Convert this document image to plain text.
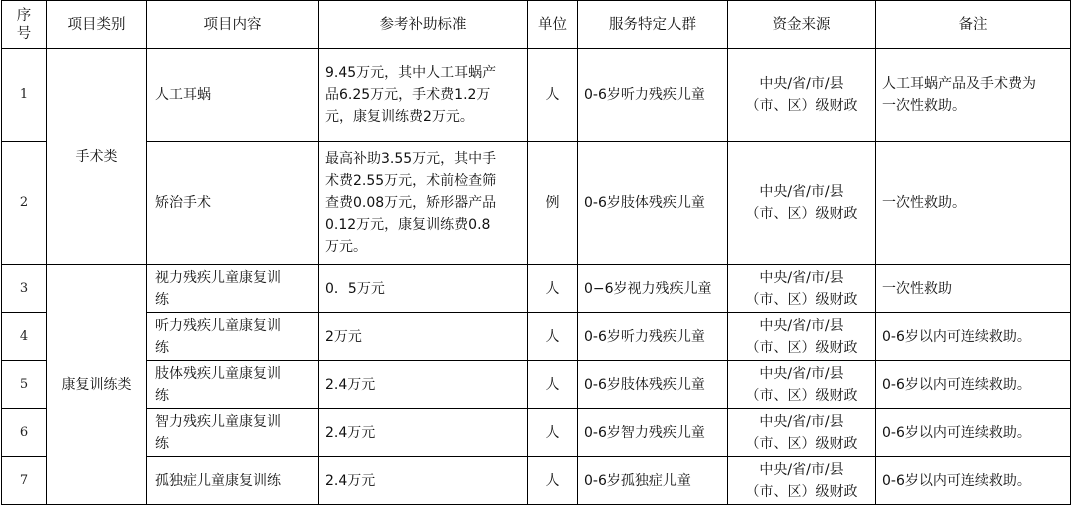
序
号	项目类别	项目内容	参考补助标准	单位	服务特定人群	资金来源	备注
1	手术类	人工耳蜗	9.45万元，其中人工耳蜗产
品6.25万元，手术费1.2万
元，康复训练费2万元。	人	0-6岁听力残疾儿童	中央/省/市/县
（市、区）级财政	人工耳蜗产品及手术费为
一次性救助。
2		矫治手术	最高补助3.55万元，其中手
术费2.55万元，术前检查筛
查费0.08万元，矫形器产品
0.12万元，康复训练费0.8
万元。	例	0-6岁肢体残疾儿童	中央/省/市/县
（市、区）级财政	一次性救助。
3	康复训练类	视力残疾儿童康复训
练	0．5万元	人	0−6岁视力残疾儿童	中央/省/市/县
（市、区）级财政	一次性救助
4		听力残疾儿童康复训
练	2万元	人	0-6岁听力残疾儿童	中央/省/市/县
（市、区）级财政	0-6岁以内可连续救助。
5		肢体残疾儿童康复训
练	2.4万元	人	0-6岁肢体残疾儿童	中央/省/市/县
（市、区）级财政	0-6岁以内可连续救助。
6		智力残疾儿童康复训
练	2.4万元	人	0-6岁智力残疾儿童	中央/省/市/县
（市、区）级财政	0-6岁以内可连续救助。
7		孤独症儿童康复训练	2.4万元	人	0-6岁孤独症儿童	中央/省/市/县
（市、区）级财政	0-6岁以内可连续救助。
